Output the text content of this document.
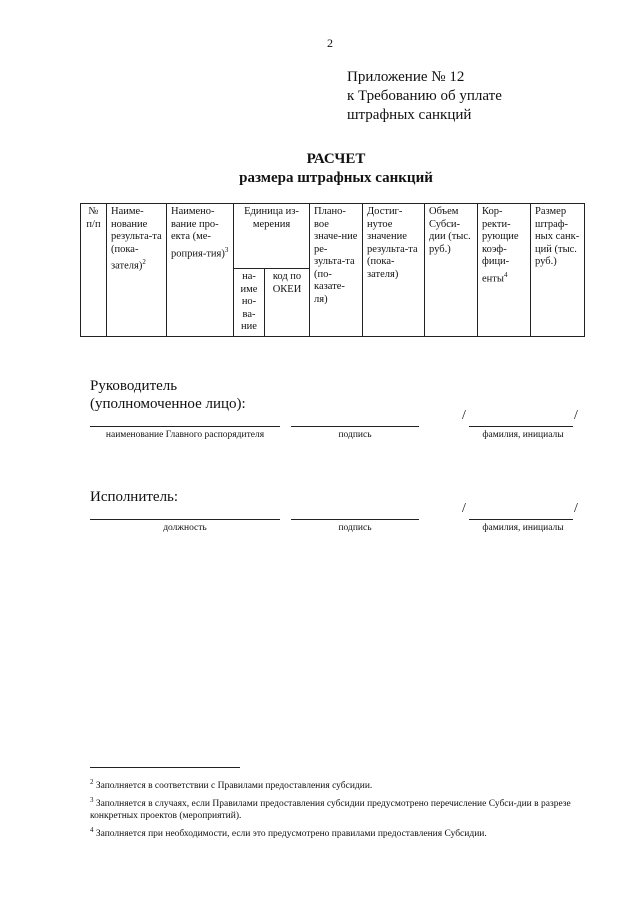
2
Приложение № 12
к Требованию об уплате
штрафных санкций
РАСЧЕТ
размера штрафных санкций
№ п/п	Наиме-нование результа-та (пока-зателя)$^2$	Наимено-вание про-екта (ме-роприя-тия)$^3$	Единица из-мерения		Плано-вое значе-ние ре-зульта-та (по-казате-ля)	Достиг-нутое значение результа-та (пока-зателя)	Объем Субси-дии (тыс. руб.)	Кор-ректи-рующие коэф-фици-енты$^4$	Размер штраф-ных санк-ций (тыс. руб.)
			на-име но-ва-ние	код по ОКЕИ					
Руководитель
(уполномоченное лицо):
/	/
наименование Главного распорядителя	подпись	фамилия, инициалы
Исполнитель:
/	/
должность	подпись	фамилия, инициалы

$^2$ Заполняется в соответствии с Правилами предоставления субсидии.

$^3$ Заполняется в случаях, если Правилами предоставления субсидии предусмотрено перечисление Субси-дии в разрезе конкретных проектов (мероприятий).

$^4$ Заполняется при необходимости, если это предусмотрено правилами предоставления Субсидии.
